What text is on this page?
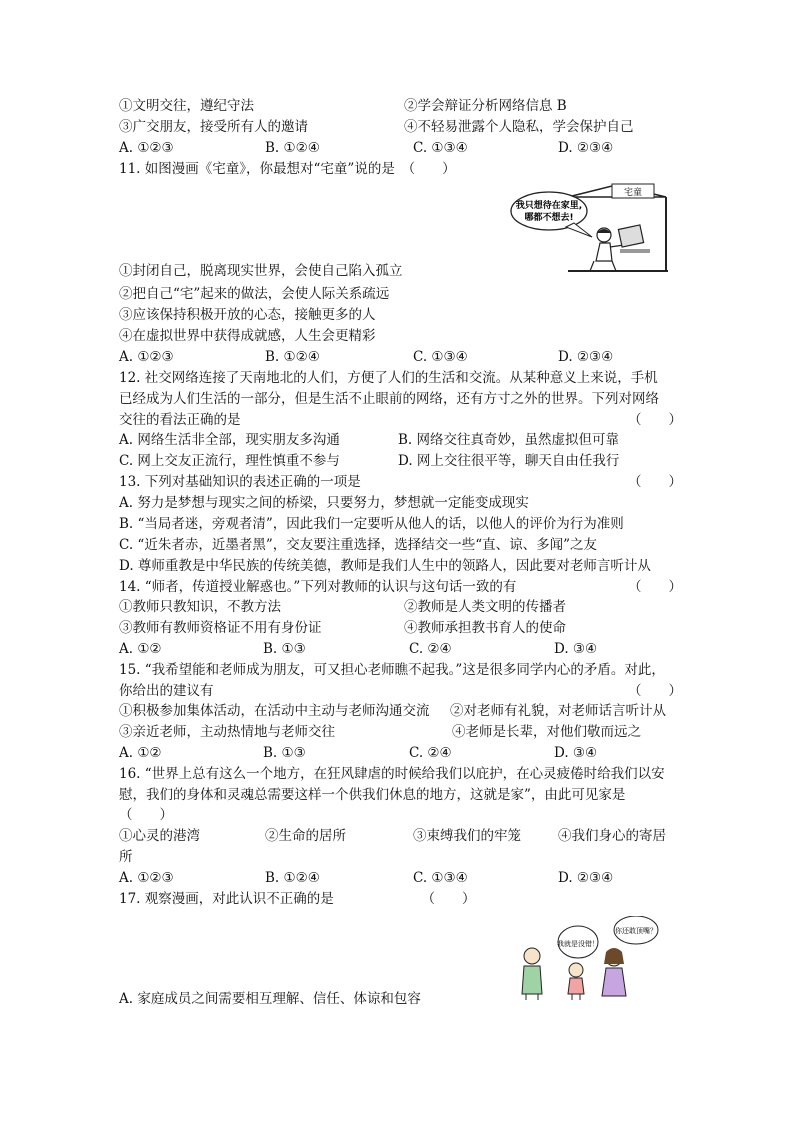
①文明交往，遵纪守法	②学会辩证分析网络信息 B
③广交朋友，接受所有人的邀请	④不轻易泄露个人隐私，学会保护自己
A. ①②③	B. ①②④	C. ①③④	D. ②③④
11. 如图漫画《宅童》，你最想对“宅童”说的是　（　　）
宅童
我只想待在家里,
哪都不想去!
①封闭自己，脱离现实世界，会使自己陷入孤立
②把自己“宅”起来的做法，会使人际关系疏远
③应该保持积极开放的心态，接触更多的人
④在虚拟世界中获得成就感，人生会更精彩
A. ①②③	B. ①②④	C. ①③④	D. ②③④
12. 社交网络连接了天南地北的人们，方便了人们的生活和交流。从某种意义上来说，手机
已经成为人们生活的一部分，但是生活不止眼前的网络，还有方寸之外的世界。下列对网络
交往的看法正确的是	（　　）
A. 网络生活非全部，现实朋友多沟通	B. 网络交往真奇妙，虽然虚拟但可靠
C. 网上交友正流行，理性慎重不参与	D. 网上交往很平等，聊天自由任我行
13. 下列对基础知识的表述正确的一项是	（　　）
A. 努力是梦想与现实之间的桥梁，只要努力，梦想就一定能变成现实
B. “当局者迷，旁观者清”，因此我们一定要听从他人的话，以他人的评价为行为准则
C. “近朱者赤，近墨者黑”，交友要注重选择，选择结交一些“直、谅、多闻”之友
D. 尊师重教是中华民族的传统美德，教师是我们人生中的领路人，因此要对老师言听计从
14. “师者，传道授业解惑也。”下列对教师的认识与这句话一致的有	（　　）
①教师只教知识，不教方法	②教师是人类文明的传播者
③教师有教师资格证不用有身份证	④教师承担教书育人的使命
A. ①②	B. ①③	C. ②④	D. ③④
15. “我希望能和老师成为朋友，可又担心老师瞧不起我。”这是很多同学内心的矛盾。对此，
你给出的建议有	（　　）
①积极参加集体活动，在活动中主动与老师沟通交流 ②对老师有礼貌，对老师话言听计从
③亲近老师，主动热情地与老师交往	④老师是长辈，对他们敬而远之
A. ①②	B. ①③	C. ②④	D. ③④
16. “世界上总有这么一个地方，在狂风肆虐的时候给我们以庇护，在心灵疲倦时给我们以安
慰，我们的身体和灵魂总需要这样一个供我们休息的地方，这就是家”，由此可见家是
（　　）
①心灵的港湾	②生命的居所	③束缚我们的牢笼	④我们身心的寄居
所
A. ①②③	B. ①②④	C. ①③④	D. ②③④
17. 观察漫画，对此认识不正确的是　　　　　　　（　　）
我就是没错！
你还敢顶嘴？
A. 家庭成员之间需要相互理解、信任、体谅和包容
